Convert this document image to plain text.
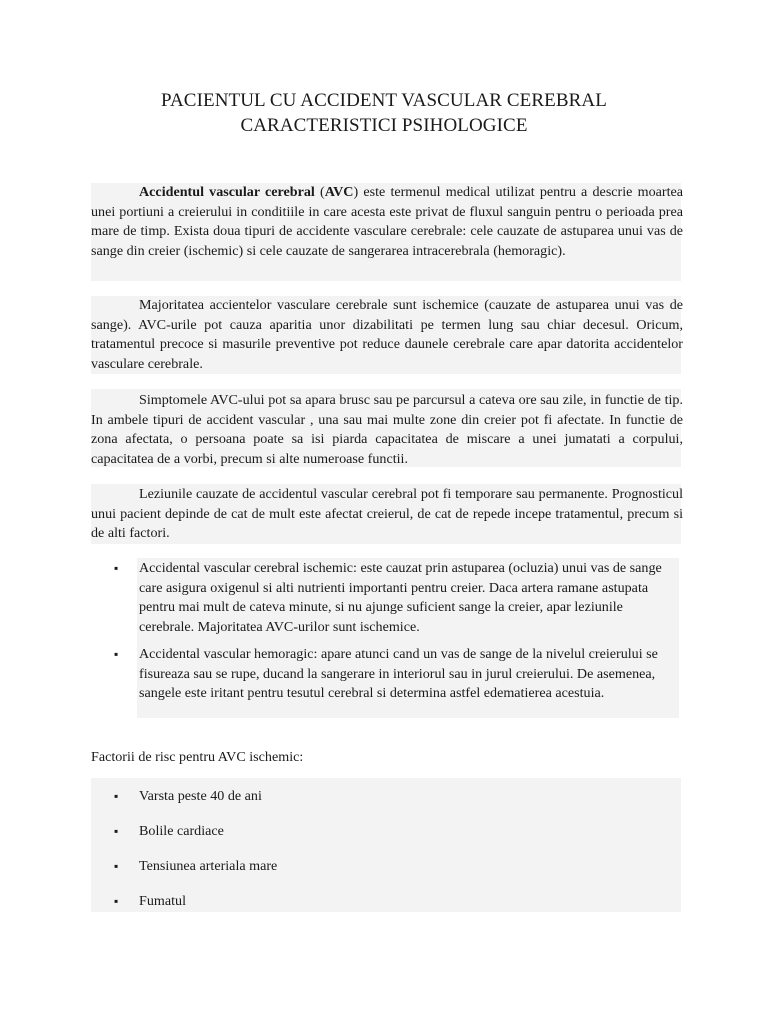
PACIENTUL CU ACCIDENT VASCULAR CEREBRAL
CARACTERISTICI PSIHOLOGICE

Accidentul vascular cerebral (AVC) este termenul medical utilizat pentru a descrie moartea unei portiuni a creierului in conditiile in care acesta este privat de fluxul sanguin pentru o perioada prea mare de timp. Exista doua tipuri de accidente vasculare cerebrale: cele cauzate de astuparea unui vas de sange din creier (ischemic) si cele cauzate de sangerarea intracerebrala (hemoragic).

Majoritatea accientelor vasculare cerebrale sunt ischemice (cauzate de astuparea unui vas de sange). AVC-urile pot cauza aparitia unor dizabilitati pe termen lung sau chiar decesul. Oricum, tratamentul precoce si masurile preventive pot reduce daunele cerebrale care apar datorita accidentelor vasculare cerebrale.

Simptomele AVC-ului pot sa apara brusc sau pe parcursul a cateva ore sau zile, in functie de tip. In ambele tipuri de accident vascular , una sau mai multe zone din creier pot fi afectate. In functie de zona afectata, o persoana poate sa isi piarda capacitatea de miscare a unei jumatati a corpului, capacitatea de a vorbi, precum si alte numeroase functii.

Leziunile cauzate de accidentul vascular cerebral pot fi temporare sau permanente. Prognosticul unui pacient depinde de cat de mult este afectat creierul, de cat de repede incepe tratamentul, precum si de alti factori.

▪ Accidental vascular cerebral ischemic: este cauzat prin astuparea (ocluzia) unui vas de sange care asigura oxigenul si alti nutrienti importanti pentru creier. Daca artera ramane astupata pentru mai mult de cateva minute, si nu ajunge suficient sange la creier, apar leziunile cerebrale. Majoritatea AVC-urilor sunt ischemice.

▪ Accidental vascular hemoragic: apare atunci cand un vas de sange de la nivelul creierului se fisureaza sau se rupe, ducand la sangerare in interiorul sau in jurul creierului. De asemenea, sangele este iritant pentru tesutul cerebral si determina astfel edematierea acestuia.

Factorii de risc pentru AVC ischemic:

▪ Varsta peste 40 de ani

▪ Bolile cardiace

▪ Tensiunea arteriala mare

▪ Fumatul
